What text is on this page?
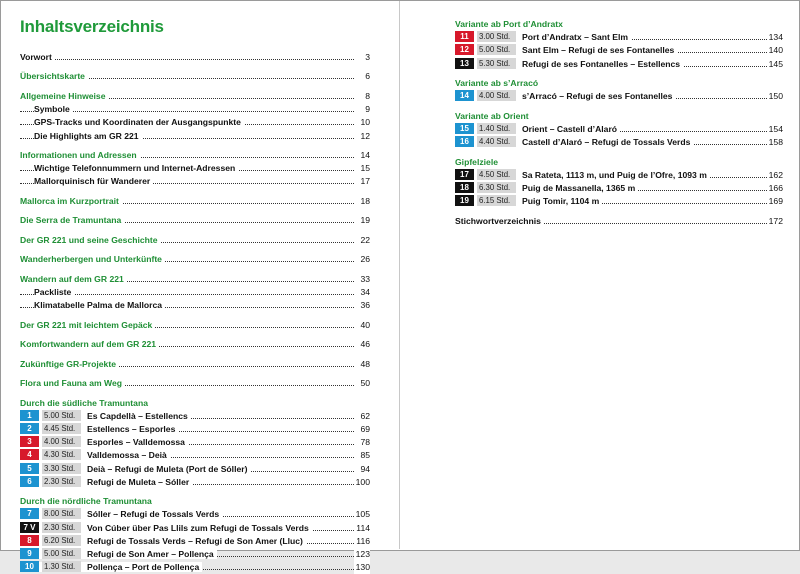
Inhaltsverzeichnis
Vorwort	3
Übersichtskarte	6
Allgemeine Hinweise	8
Symbole	9
GPS-Tracks und Koordinaten der Ausgangspunkte	10
Die Highlights am GR 221	12
Informationen und Adressen	14
Wichtige Telefonnummern und Internet-Adressen	15
Mallorquinisch für Wanderer	17
Mallorca im Kurzportrait	18
Die Serra de Tramuntana	19
Der GR 221 und seine Geschichte	22
Wanderherbergen und Unterkünfte	26
Wandern auf dem GR 221	33
Packliste	34
Klimatabelle Palma de Mallorca	36
Der GR 221 mit leichtem Gepäck	40
Komfortwandern auf dem GR 221	46
Zukünftige GR-Projekte	48
Flora und Fauna am Weg	50
Durch die südliche Tramuntana
1 5.00 Std. Es Capdellà – Estellencs	62
2 4.45 Std. Estellencs – Esporles	69
3 4.00 Std. Esporles – Valldemossa	78
4 4.30 Std. Valldemossa – Deià	85
5 3.30 Std. Deià – Refugi de Muleta (Port de Sóller)	94
6 2.30 Std. Refugi de Muleta – Sóller	100
Durch die nördliche Tramuntana
7 8.00 Std. Sóller – Refugi de Tossals Verds	105
7 V 2.30 Std. Von Cúber über Pas Llils zum Refugi de Tossals Verds	114
8 6.20 Std. Refugi de Tossals Verds – Refugi de Son Amer (Lluc)	116
9 5.00 Std. Refugi de Son Amer – Pollença	123
10 1.30 Std. Pollença – Port de Pollença	130
Variante ab Port d’Andratx
11 3.00 Std. Port d’Andratx – Sant Elm	134
12 5.00 Std. Sant Elm – Refugi de ses Fontanelles	140
13 5.30 Std. Refugi de ses Fontanelles – Estellencs	145
Variante ab s’Arracó
14 4.00 Std. s’Arracó – Refugi de ses Fontanelles	150
Variante ab Orient
15 1.40 Std. Orient – Castell d’Alaró	154
16 4.40 Std. Castell d’Alaró – Refugi de Tossals Verds	158
Gipfelziele
17 4.50 Std. Sa Rateta, 1113 m, und Puig de l’Ofre, 1093 m	162
18 6.30 Std. Puig de Massanella, 1365 m	166
19 6.15 Std. Puig Tomir, 1104 m	169
Stichwortverzeichnis	172
